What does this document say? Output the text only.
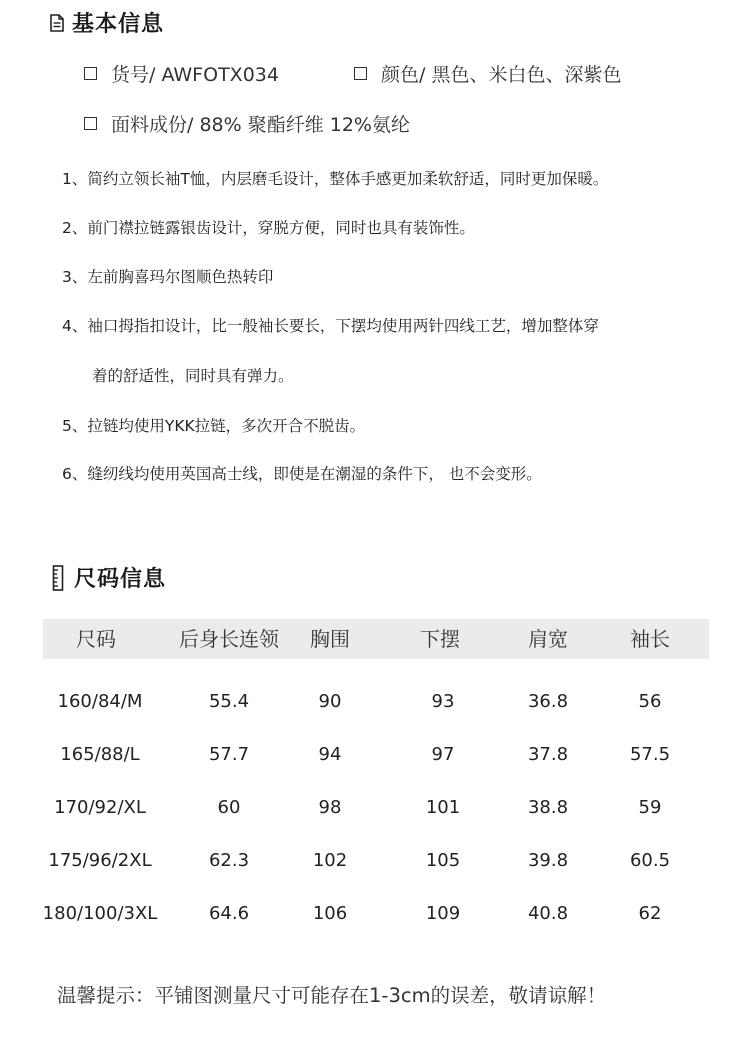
基本信息
货号/ AWFOTX034	颜色/ 黑色、米白色、深紫色
面料成份/ 88% 聚酯纤维 12%氨纶
1、简约立领长袖T恤，内层磨毛设计，整体手感更加柔软舒适，同时更加保暖。
2、前门襟拉链露银齿设计，穿脱方便，同时也具有装饰性。
3、左前胸喜玛尔图顺色热转印
4、袖口拇指扣设计，比一般袖长要长，下摆均使用两针四线工艺，增加整体穿
着的舒适性，同时具有弹力。
5、拉链均使用YKK拉链，多次开合不脱齿。
6、缝纫线均使用英国高士线，即使是在潮湿的条件下， 也不会变形。
尺码信息
尺码	后身长连领	胸围	下摆	肩宽	袖长
160/84/M	55.4	90	93	36.8	56
165/88/L	57.7	94	97	37.8	57.5
170/92/XL	60	98	101	38.8	59
175/96/2XL	62.3	102	105	39.8	60.5
180/100/3XL	64.6	106	109	40.8	62
温馨提示：平铺图测量尺寸可能存在1-3cm的误差，敬请谅解！
